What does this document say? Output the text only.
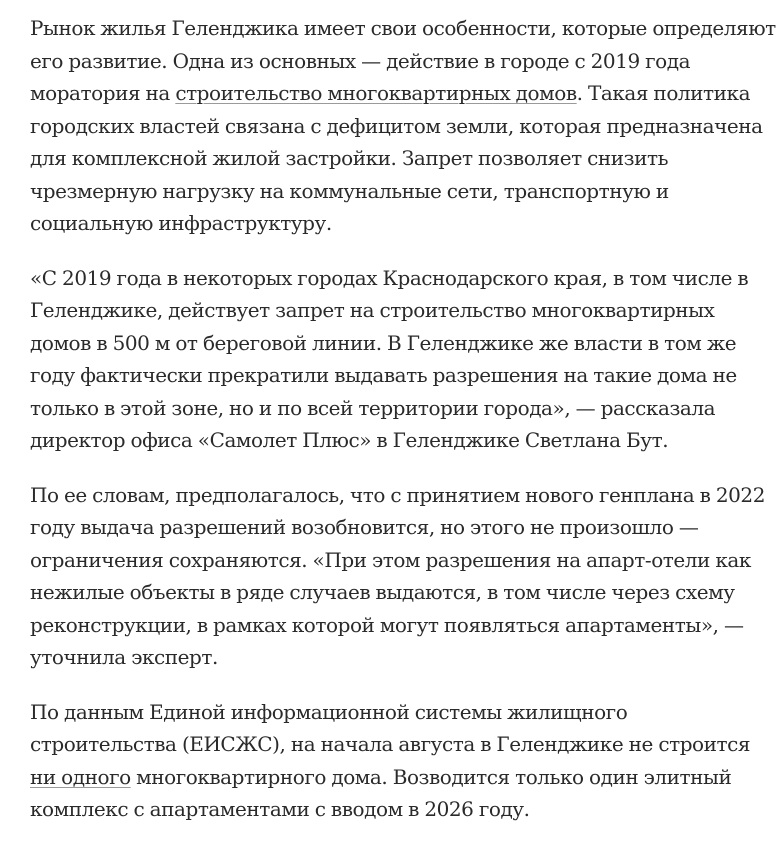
Рынок жилья Геленджика имеет свои особенности, которые определяют его развитие. Одна из основных — действие в городе с 2019 года моратория на строительство многоквартирных домов. Такая политика городских властей связана с дефицитом земли, которая предназначена для комплексной жилой застройки. Запрет позволяет снизить чрезмерную нагрузку на коммунальные сети, транспортную и социальную инфраструктуру.

«С 2019 года в некоторых городах Краснодарского края, в том числе в Геленджике, действует запрет на строительство многоквартирных домов в 500 м от береговой линии. В Геленджике же власти в том же году фактически прекратили выдавать разрешения на такие дома не только в этой зоне, но и по всей территории города», — рассказала директор офиса «Самолет Плюс» в Геленджике Светлана Бут.

По ее словам, предполагалось, что с принятием нового генплана в 2022 году выдача разрешений возобновится, но этого не произошло — ограничения сохраняются. «При этом разрешения на апарт-отели как нежилые объекты в ряде случаев выдаются, в том числе через схему реконструкции, в рамках которой могут появляться апартаменты», — уточнила эксперт.

По данным Единой информационной системы жилищного строительства (ЕИСЖС), на начала августа в Геленджике не строится ни одного многоквартирного дома. Возводится только один элитный комплекс с апартаментами с вводом в 2026 году.
